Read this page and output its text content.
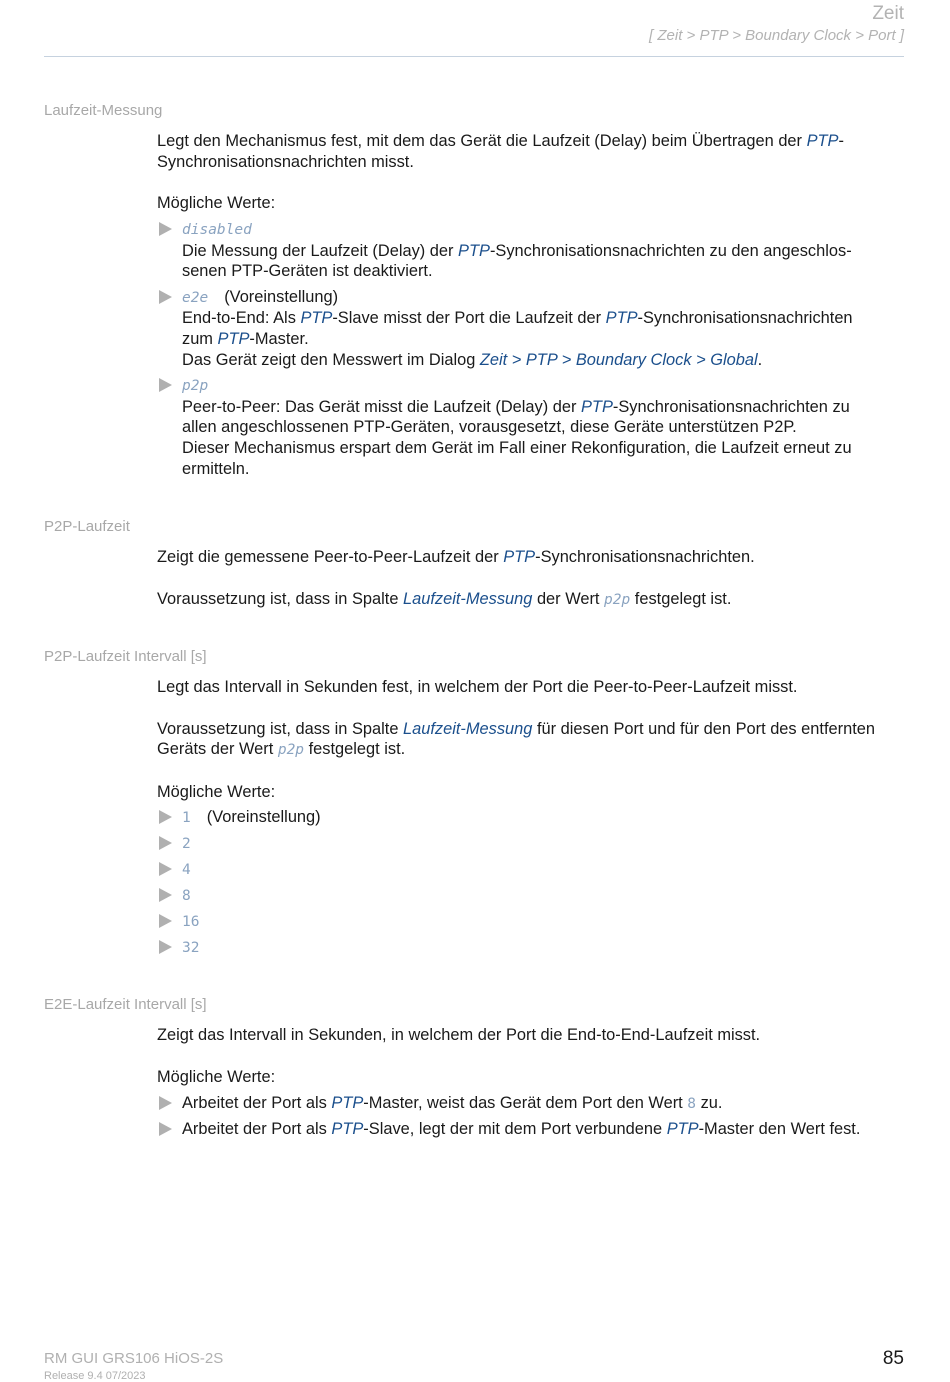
Zeit
[ Zeit > PTP > Boundary Clock > Port ]
Laufzeit-Messung

Legt den Mechanismus fest, mit dem das Gerät die Laufzeit (Delay) beim Übertragen der PTP-
Synchronisationsnachrichten misst.

Mögliche Werte:

disabled
Die Messung der Laufzeit (Delay) der PTP-Synchronisationsnachrichten zu den angeschlos-
senen PTP-Geräten ist deaktiviert.
e2e (Voreinstellung)
End-to-End: Als PTP-Slave misst der Port die Laufzeit der PTP-Synchronisationsnachrichten
zum PTP-Master.
Das Gerät zeigt den Messwert im Dialog Zeit > PTP > Boundary Clock > Global.
p2p
Peer-to-Peer: Das Gerät misst die Laufzeit (Delay) der PTP-Synchronisationsnachrichten zu
allen angeschlossenen PTP-Geräten, vorausgesetzt, diese Geräte unterstützen P2P.
Dieser Mechanismus erspart dem Gerät im Fall einer Rekonfiguration, die Laufzeit erneut zu
ermitteln.
P2P-Laufzeit

Zeigt die gemessene Peer-to-Peer-Laufzeit der PTP-Synchronisationsnachrichten.

Voraussetzung ist, dass in Spalte Laufzeit-Messung der Wert p2p festgelegt ist.

P2P-Laufzeit Intervall [s]

Legt das Intervall in Sekunden fest, in welchem der Port die Peer-to-Peer-Laufzeit misst.

Voraussetzung ist, dass in Spalte Laufzeit-Messung für diesen Port und für den Port des entfernten
Geräts der Wert p2p festgelegt ist.

Mögliche Werte:

1 (Voreinstellung)
2
4
8
16
32
E2E-Laufzeit Intervall [s]

Zeigt das Intervall in Sekunden, in welchem der Port die End-to-End-Laufzeit misst.

Mögliche Werte:

Arbeitet der Port als PTP-Master, weist das Gerät dem Port den Wert 8 zu.
Arbeitet der Port als PTP-Slave, legt der mit dem Port verbundene PTP-Master den Wert fest.
RM GUI GRS106 HiOS-2S
Release 9.4 07/2023
85
